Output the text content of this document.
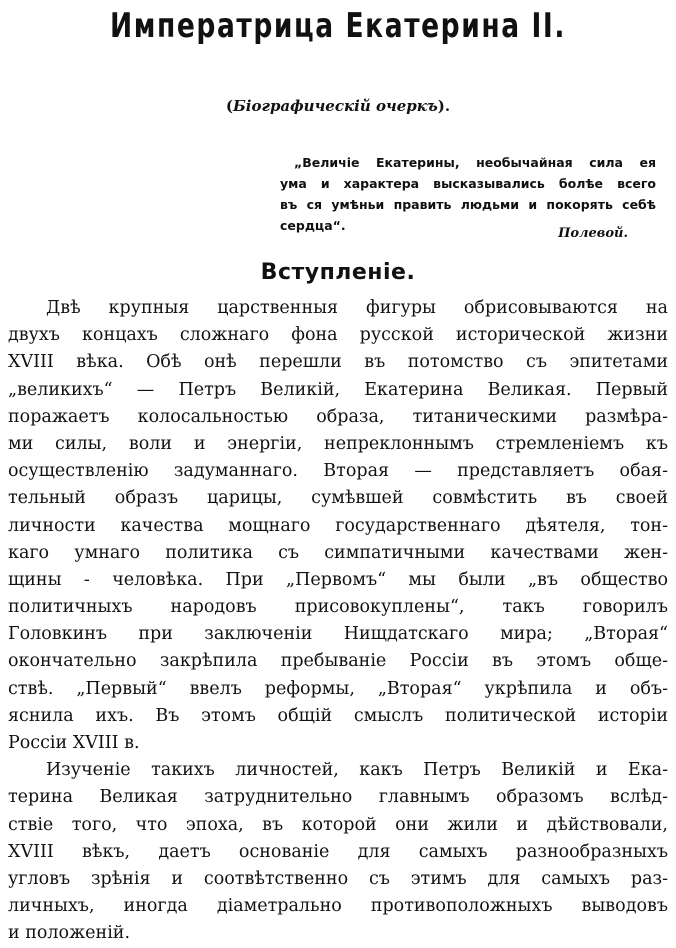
Императрица Екатерина II.
(Біографическій очеркъ).
„Величіе Екатерины, необычайная сила ея
ума и характера высказывались болѣе всего
въ ся умѣньи править людьми и покорять себѣ
сердца“.
Полевой.
Вступленіе.
Двѣ крупныя царственныя фигуры обрисовываются на
двухъ концахъ сложнаго фона русской исторической жизни
XVIII вѣка. Обѣ онѣ перешли въ потомство съ эпитетами
„великихъ“ — Петръ Великій, Екатерина Великая. Первый
поражаетъ колосальностью образа, титаническими размѣра-
ми силы, воли и энергіи, непреклоннымъ стремленіемъ къ
осуществленію задуманнаго. Вторая — представляетъ обая-
тельный образъ царицы, сумѣвшей совмѣстить въ своей
личности качества мощнаго государственнаго дѣятеля, тон-
каго умнаго политика съ симпатичными качествами жен-
щины - человѣка. При „Первомъ“ мы были „въ общество
политичныхъ народовъ присовокуплены“, такъ говорилъ
Головкинъ при заключеніи Нищдатскаго мира; „Вторая“
окончательно закрѣпила пребываніе Россіи въ этомъ обще-
ствѣ. „Первый“ ввелъ реформы, „Вторая“ укрѣпила и объ-
яснила ихъ. Въ этомъ общій смыслъ политической исторіи
Россіи XVIII в.
Изученіе такихъ личностей, какъ Петръ Великій и Ека-
терина Великая затруднительно главнымъ образомъ вслѣд-
ствіе того, что эпоха, въ которой они жили и дѣйствовали,
XVIII вѣкъ, даетъ основаніе для самыхъ разнообразныхъ
угловъ зрѣнія и соотвѣтственно съ этимъ для самыхъ раз-
личныхъ, иногда діаметрально противоположныхъ выводовъ
и положеній.
